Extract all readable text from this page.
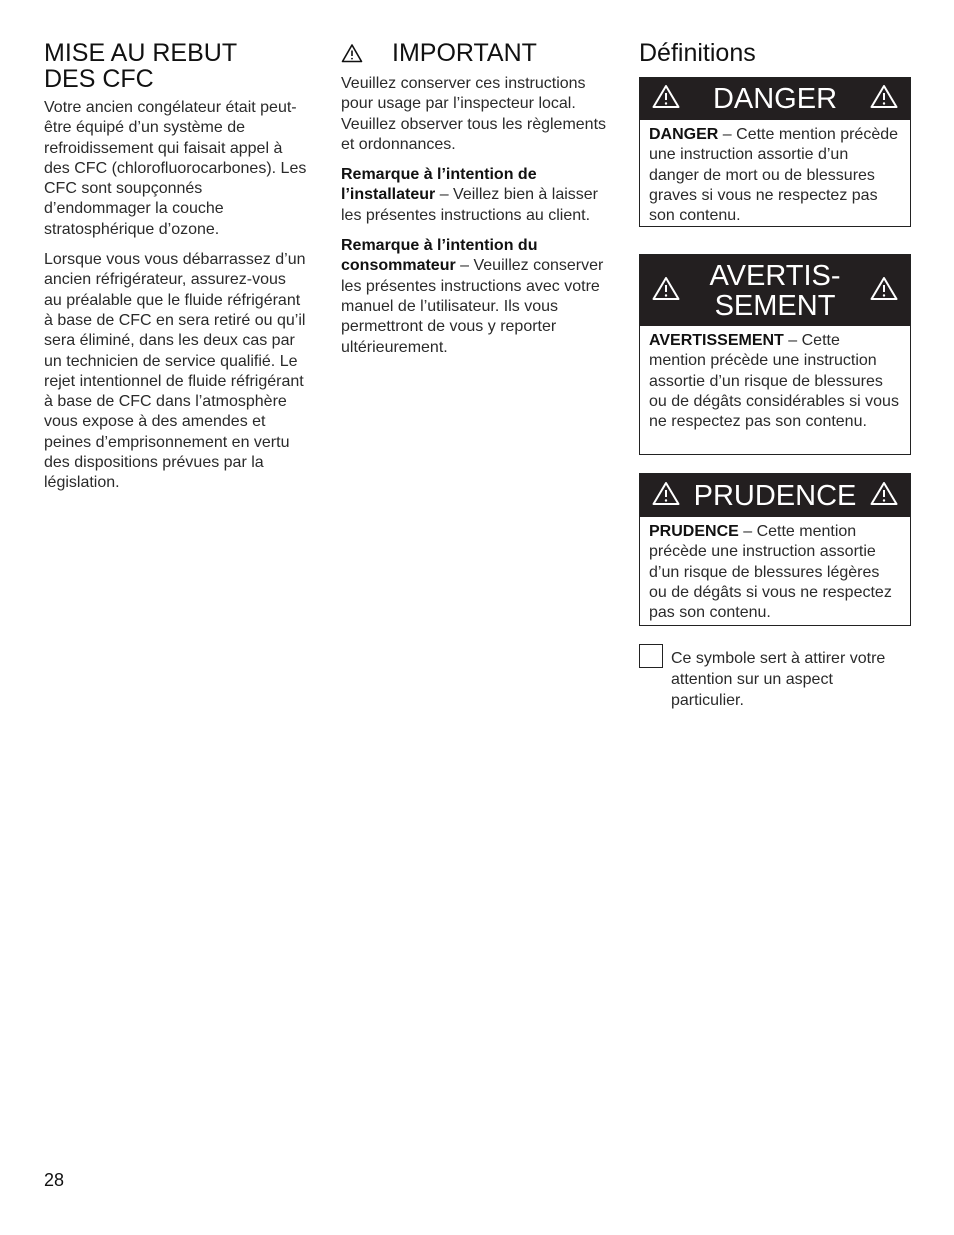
MISE AU REBUT DES CFC

Votre ancien congélateur était peut-être équipé d’un système de refroidissement qui faisait appel à des CFC (chlorofluorocarbones). Les CFC sont soupçonnés d’endommager la couche stratosphérique d’ozone.

Lorsque vous vous débarrassez d’un ancien réfrigérateur, assurez-vous au préalable que le fluide réfrigérant à base de CFC en sera retiré ou qu’il sera éliminé, dans les deux cas par un technicien de service qualifié. Le rejet intentionnel de fluide réfrigérant à base de CFC dans l’atmosphère vous expose à des amendes et peines d’emprisonnement en vertu des dispositions prévues par la législation.

IMPORTANT

Veuillez conserver ces instructions pour usage par l’inspecteur local. Veuillez observer tous les règlements et ordonnances.

Remarque à l’intention de l’installateur – Veillez bien à laisser les présentes instructions au client.

Remarque à l’intention du consommateur – Veuillez conserver les présentes instructions avec votre manuel de l’utilisateur. Ils vous permettront de vous y reporter ultérieurement.

Définitions
DANGER
DANGER – Cette mention précède une instruction assortie d’un danger de mort ou de blessures graves si vous ne respectez pas son contenu.
AVERTIS-
SEMENT
AVERTISSEMENT – Cette mention précède une instruction assortie d’un risque de blessures ou de dégâts considérables si vous ne respectez pas son contenu.
PRUDENCE
PRUDENCE – Cette mention précède une instruction assortie d’un risque de blessures légères ou de dégâts si vous ne respectez pas son contenu.
Ce symbole sert à attirer votre attention sur un aspect particulier.
28
